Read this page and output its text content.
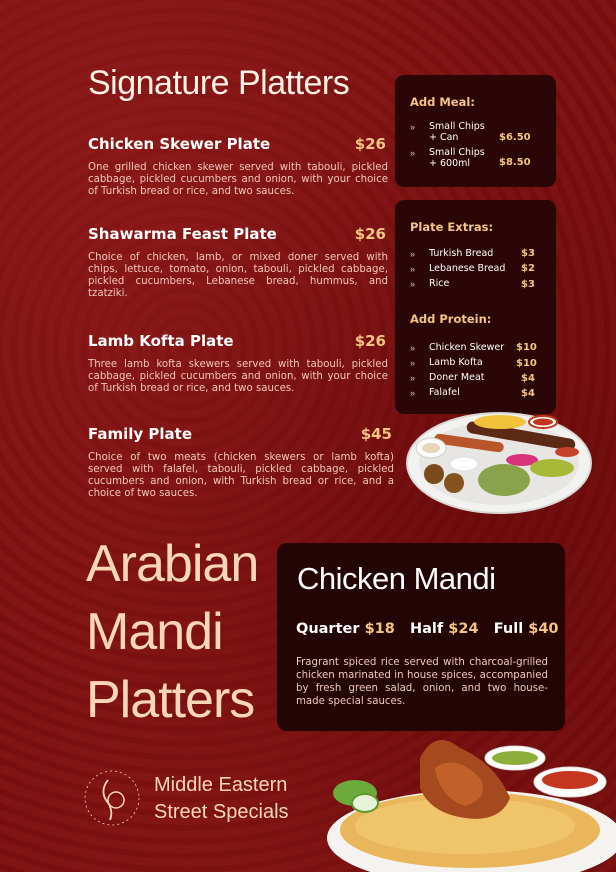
Signature Platters
Chicken Skewer Plate	$26
One grilled chicken skewer served with tabouli, pickled cabbage, pickled cucumbers and onion, with your choice of Turkish bread or rice, and two sauces.
Shawarma Feast Plate	$26
Choice of chicken, lamb, or mixed doner served with chips, lettuce, tomato, onion, tabouli, pickled cabbage, pickled cucumbers, Lebanese bread, hummus, and tzatziki.
Lamb Kofta Plate	$26
Three lamb kofta skewers served with tabouli, pickled cabbage, pickled cucumbers and onion, with your choice of Turkish bread or rice, and two sauces.
Family Plate	$45
Choice of two meats (chicken skewers or lamb kofta) served with falafel, tabouli, pickled cabbage, pickled cucumbers and onion, with Turkish bread or rice, and a choice of two sauces.
Add Meal:
» Small Chips
+ Can	$6.50
» Small Chips
+ 600ml	$8.50
Plate Extras:
» Turkish Bread	$3
» Lebanese Bread $2
» Rice	$3
Add Protein:
» Chicken Skewer $10
» Lamb Kofta	$10
» Doner Meat	$4
» Falafel	$4
Arabian
Mandi
Platters
Chicken Mandi
Quarter $18 Half $24 Full $40
Fragrant spiced rice served with charcoal-grilled chicken marinated in house spices, accompanied by fresh green salad, onion, and two house-made special sauces.
Middle Eastern
Street Specials
